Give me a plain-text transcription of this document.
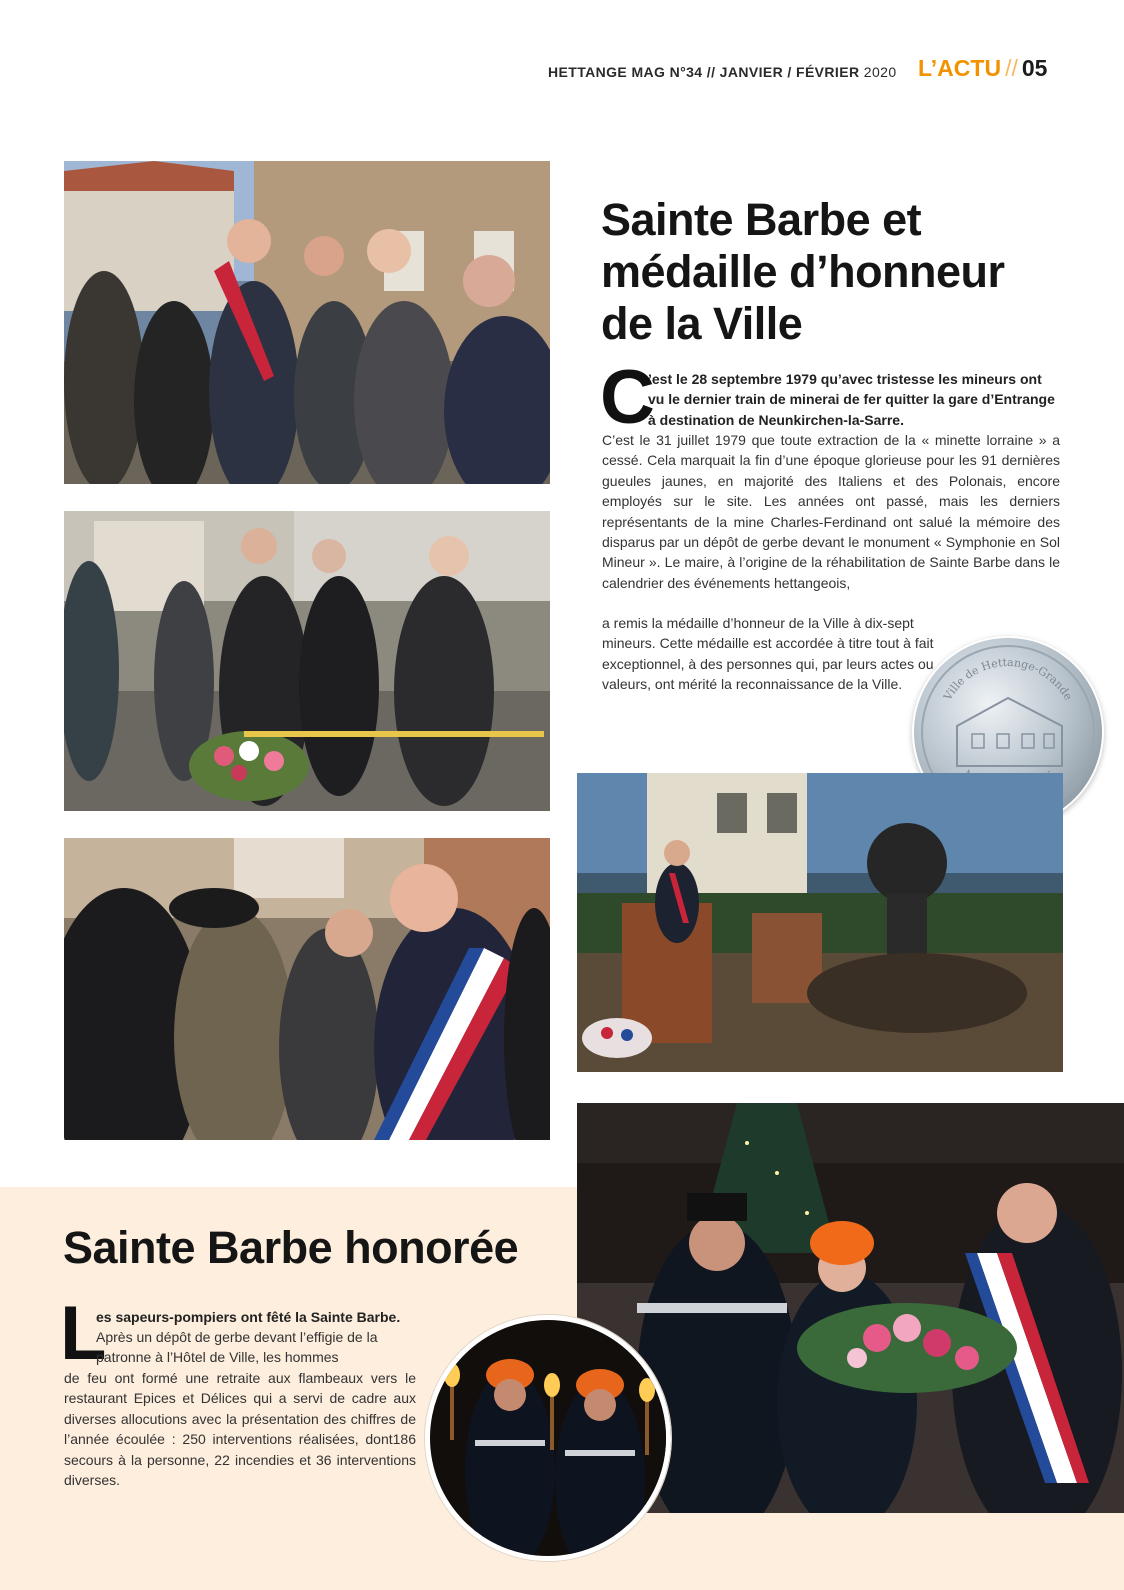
HETTANGE MAG N°34 // JANVIER / FÉVRIER 2020 L’ACTU // 05
Sainte Barbe et
médaille d’honneur
de la Ville
C
’est le 28 septembre 1979 qu’avec tristesse les mineurs ont vu le dernier train de minerai de fer quitter la gare d’Entrange à destination de Neunkirchen-la-Sarre.
C’est le 31 juillet 1979 que toute extraction de la « minette lorraine » a cessé. Cela marquait la fin d’une époque glorieuse pour les 91 dernières gueules jaunes, en majorité des Italiens et des Polonais, encore employés sur le site. Les années ont passé, mais les derniers représentants de la mine Charles-Ferdinand ont salué la mémoire des disparus par un dépôt de gerbe devant le monument « Symphonie en Sol Mineur ». Le maire, à l’origine de la réhabilitation de Sainte Barbe dans le calendrier des événements hettangeois,
a remis la médaille d’honneur de la Ville à dix-sept mineurs. Cette médaille est accordée à titre tout à fait exceptionnel, à des personnes qui, par leurs actes ou valeurs, ont mérité la reconnaissance de la Ville.
Ville de Hettange-Grande
Sainte Barbe honorée
L
es sapeurs-pompiers ont fêté la Sainte Barbe.
Après un dépôt de gerbe devant l’effigie de la patronne à l’Hôtel de Ville, les hommes
de feu ont formé une retraite aux flambeaux vers le restaurant Epices et Délices qui a servi de cadre aux diverses allocutions avec la présentation des chiffres de l’année écoulée : 250 interventions réalisées, dont186 secours à la personne, 22 incendies et 36 interventions diverses.
